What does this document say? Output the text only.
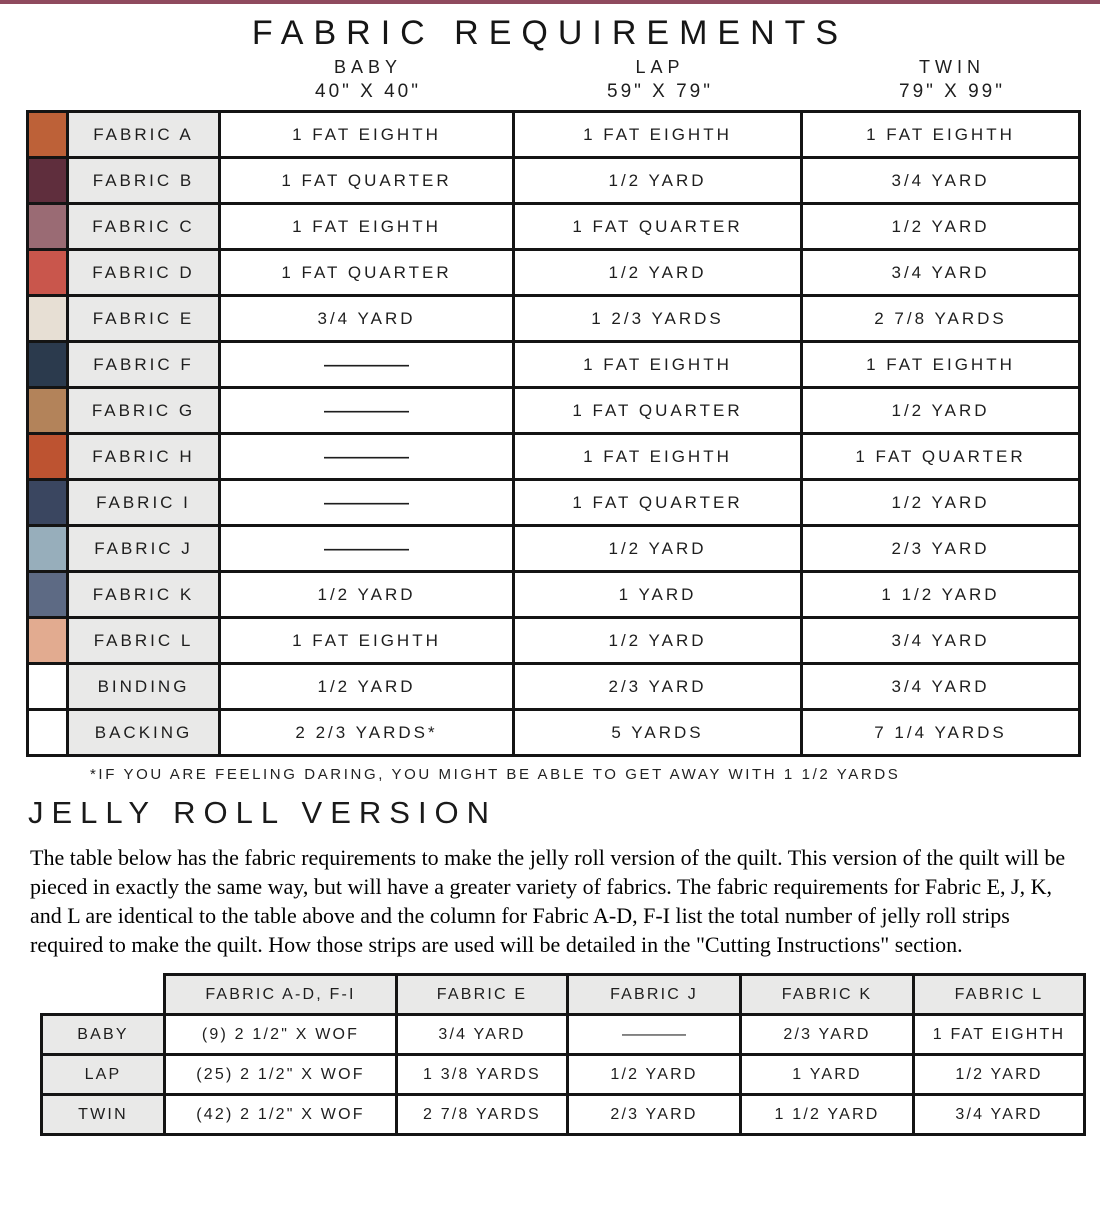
FABRIC REQUIREMENTS
BABY
40" X 40"
LAP
59" X 79"
TWIN
79" X 99"
	FABRIC A	1 FAT EIGHTH	1 FAT EIGHTH	1 FAT EIGHTH
	FABRIC B	1 FAT QUARTER	1/2 YARD	3/4 YARD
	FABRIC C	1 FAT EIGHTH	1 FAT QUARTER	1/2 YARD
	FABRIC D	1 FAT QUARTER	1/2 YARD	3/4 YARD
	FABRIC E	3/4 YARD	1 2/3 YARDS	2 7/8 YARDS
	FABRIC F	—————	1 FAT EIGHTH	1 FAT EIGHTH
	FABRIC G	—————	1 FAT QUARTER	1/2 YARD
	FABRIC H	—————	1 FAT EIGHTH	1 FAT QUARTER
	FABRIC I	—————	1 FAT QUARTER	1/2 YARD
	FABRIC J	—————	1/2 YARD	2/3 YARD
	FABRIC K	1/2 YARD	1 YARD	1 1/2 YARD
	FABRIC L	1 FAT EIGHTH	1/2 YARD	3/4 YARD
	BINDING	1/2 YARD	2/3 YARD	3/4 YARD
	BACKING	2 2/3 YARDS*	5 YARDS	7 1/4 YARDS
*IF YOU ARE FEELING DARING, YOU MIGHT BE ABLE TO GET AWAY WITH 1 1/2 YARDS
JELLY ROLL VERSION

The table below has the fabric requirements to make the jelly roll version of the quilt. This version of the quilt will be pieced in exactly the same way, but will have a greater variety of fabrics. The fabric requirements for Fabric E, J, K, and L are identical to the table above and the column for Fabric A-D, F-I list the total number of jelly roll strips required to make the quilt. How those strips are used will be detailed in the "Cutting Instructions" section.

	FABRIC A-D, F-I	FABRIC E	FABRIC J	FABRIC K	FABRIC L
BABY	(9) 2 1/2" X WOF	3/4 YARD	————	2/3 YARD	1 FAT EIGHTH
LAP	(25) 2 1/2" X WOF	1 3/8 YARDS	1/2 YARD	1 YARD	1/2 YARD
TWIN	(42) 2 1/2" X WOF	2 7/8 YARDS	2/3 YARD	1 1/2 YARD	3/4 YARD
